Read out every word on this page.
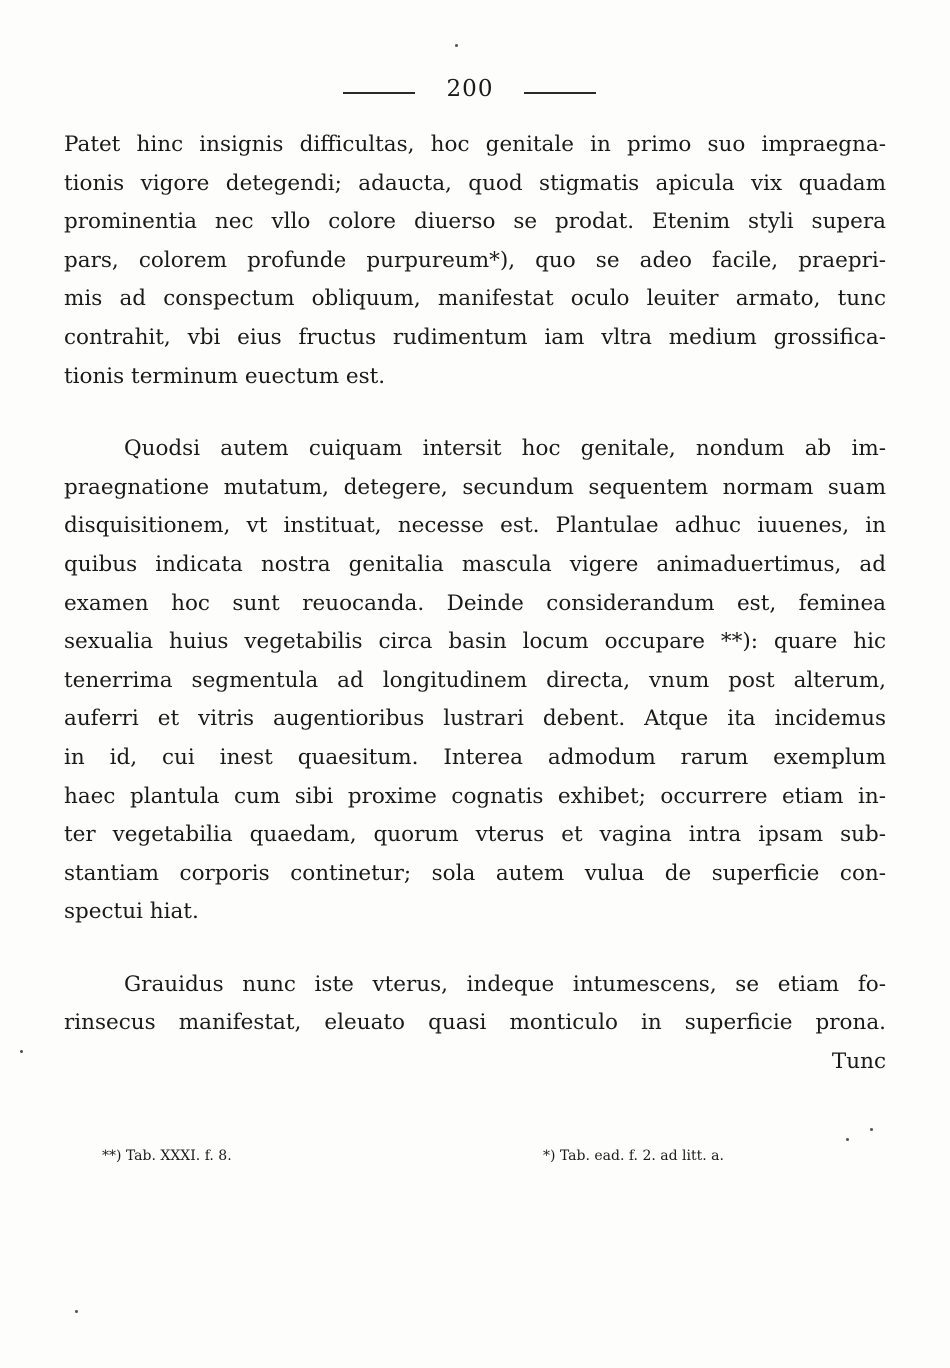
200
Patet hinc insignis difficultas, hoc genitale in primo suo impraegna-
tionis vigore detegendi; adaucta, quod stigmatis apicula vix quadam
prominentia nec vllo colore diuerso se prodat. Etenim styli supera
pars, colorem profunde purpureum*), quo se adeo facile, praepri-
mis ad conspectum obliquum, manifestat oculo leuiter armato, tunc
contrahit, vbi eius fructus rudimentum iam vltra medium grossifica-
tionis terminum euectum est.
Quodsi autem cuiquam intersit hoc genitale, nondum ab im-
praegnatione mutatum, detegere, secundum sequentem normam suam
disquisitionem, vt instituat, necesse est. Plantulae adhuc iuuenes, in
quibus indicata nostra genitalia mascula vigere animaduertimus, ad
examen hoc sunt reuocanda. Deinde considerandum est, feminea
sexualia huius vegetabilis circa basin locum occupare **): quare hic
tenerrima segmentula ad longitudinem directa, vnum post alterum,
auferri et vitris augentioribus lustrari debent. Atque ita incidemus
in id, cui inest quaesitum. Interea admodum rarum exemplum
haec plantula cum sibi proxime cognatis exhibet; occurrere etiam in-
ter vegetabilia quaedam, quorum vterus et vagina intra ipsam sub-
stantiam corporis continetur; sola autem vulua de superficie con-
spectui hiat.
Grauidus nunc iste vterus, indeque intumescens, se etiam fo-
rinsecus manifestat, eleuato quasi monticulo in superficie prona.
Tunc
**) Tab. XXXI. f. 8.	*) Tab. ead. f. 2. ad litt. a.
